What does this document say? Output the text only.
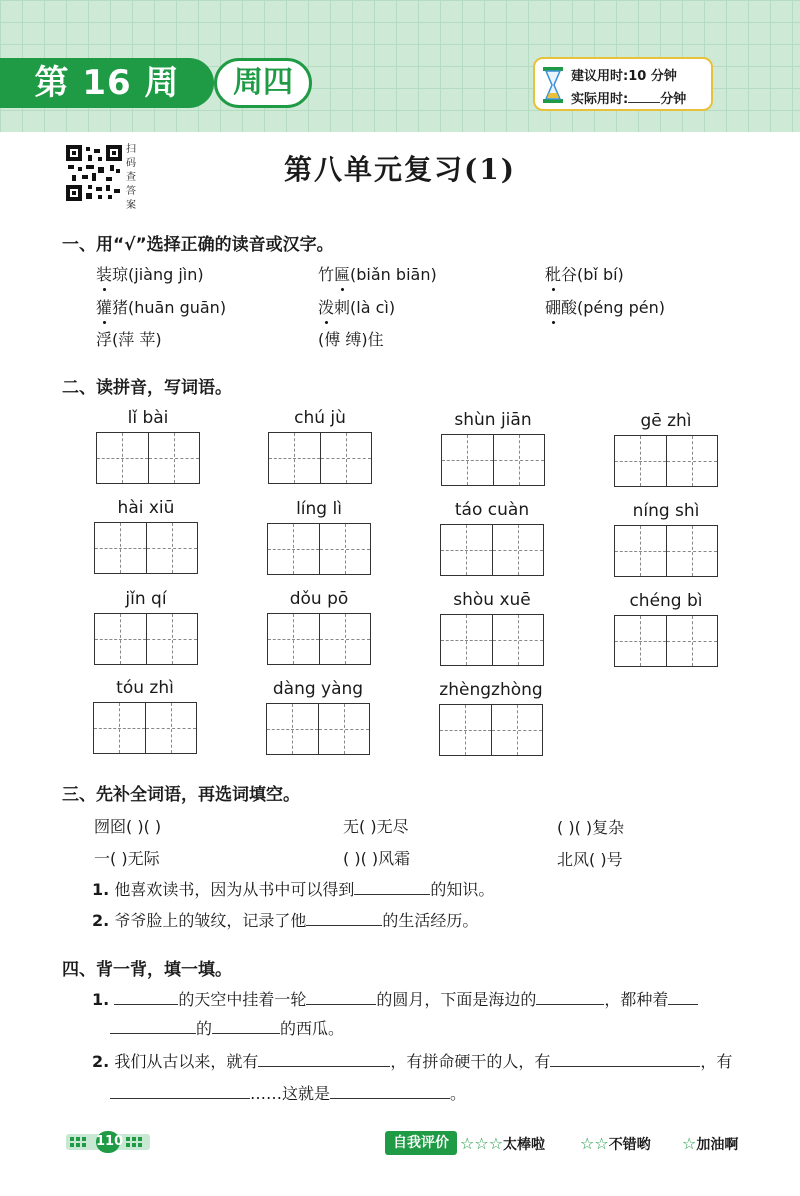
第 16 周	周四	建议用时:10 分钟
实际用时: 分钟
扫
码
查
答
案
第八单元复习(1)
一、用“√”选择正确的读音或汉字。
装琼(jiàng jìn)	竹匾(biǎn biān)	秕谷(bǐ bí)
獾猪(huān guān)	泼刺(là cì)	硼酸(péng pén)
浮(萍 苹)	(傅 缚)住
二、读拼音，写词语。
lǐ bài	chú jù	shùn jiān	gē zhì
hài xiū	líng lì	táo cuàn	níng shì
jǐn qí	dǒu pō	shòu xuē	chéng bì
tóu zhì	dàng yàng	zhèngzhòng
三、先补全词语，再选词填空。
囫囵( )( )	无( )无尽	( )( )复杂
一( )无际	( )( )风霜	北风( )号
1. 他喜欢读书，因为从书中可以得到	的知识。
2. 爷爷脸上的皱纹，记录了他	的生活经历。
四、背一背，填一填。
1.	的天空中挂着一轮	的圆月，下面是海边的	，都种着
的	的西瓜。
2. 我们从古以来，就有	，有拼命硬干的人，有	，有
……这就是	。
110	自我评价 ☆☆☆太棒啦 ☆☆不错哟 ☆加油啊
